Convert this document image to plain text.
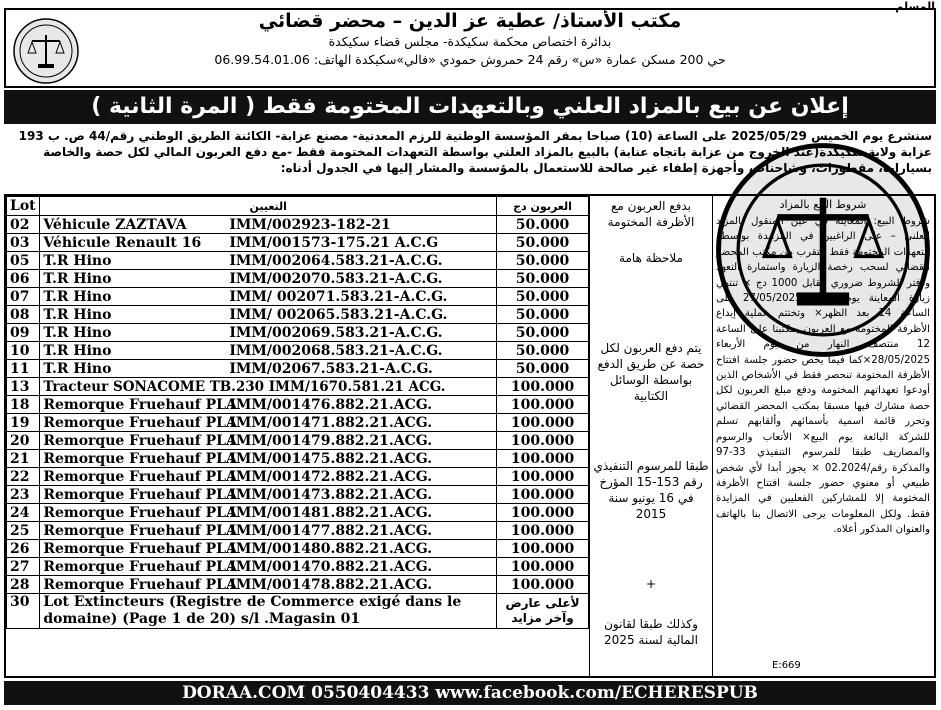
المسلم
مكتب الأستاذ/ عطية عز الدين – محضر قضائي
بدائرة اختصاص محكمة سكيكدة- مجلس قضاء سكيكدة
حي 200 مسكن عمارة «س» رقم 24 حمروش حمودي «فالي»سكيكدة الهاتف: 06.99.54.01.06
إعلان عن بيع بالمزاد العلني وبالتعهدات المختومة فقط ( المرة الثانية )
سنشرع يوم الخميس 2025/05/29 على الساعة (10) صباحا بمقر المؤسسة الوطنية للرزم المعدنية- مصنع عزابة- الكائنة الطريق الوطني رقم/44 ص. ب 193 عزابة ولاية سكيكدة(عند الخروج من عزابة باتجاه عنابة) بالبيع بالمزاد العلني بواسطة التعهدات المختومة فقط -مع دفع العربون المالي لكل حصة والخاصة بسيارات، مقطورات، وشاحنات، وأجهزة إطفاء غير صالحة للاستعمال بالمؤسسة والمشار إليها في الجدول أدناه:
Lot	التعيين	العربون دج
02	Véhicule ZAZTAVA IMM/002923-182-21	50.000
03	Véhicule Renault 16 IMM/001573-175.21 A.C.G	50.000
05	T.R Hino IMM/002064.583.21-A.C.G.	50.000
06	T.R Hino IMM/002070.583.21-A.C.G.	50.000
07	T.R Hino IMM/ 002071.583.21-A.C.G.	50.000
08	T.R Hino IMM/ 002065.583.21-A.C.G.	50.000
09	T.R Hino IMM/002069.583.21-A.C.G.	50.000
10	T.R Hino IMM/002068.583.21-A.C.G.	50.000
11	T.R Hino IMM/02067.583.21-A.C.G.	50.000
13	Tracteur SONACOME TB.230 IMM/1670.581.21 ACG.	100.000
18	Remorque Fruehauf PLAIMM/001476.882.21.ACG.	100.000
19	Remorque Fruehauf PLAIMM/001471.882.21.ACG.	100.000
20	Remorque Fruehauf PLAIMM/001479.882.21.ACG.	100.000
21	Remorque Fruehauf PLAIMM/001475.882.21.ACG.	100.000
22	Remorque Fruehauf PLAIMM/001472.882.21.ACG.	100.000
23	Remorque Fruehauf PLAIMM/001473.882.21.ACG.	100.000
24	Remorque Fruehauf PLAIMM/001481.882.21.ACG.	100.000
25	Remorque Fruehauf PLAIMM/001477.882.21.ACG.	100.000
26	Remorque Fruehauf PLAIMM/001480.882.21.ACG.	100.000
27	Remorque Fruehauf PLAIMM/001470.882.21.ACG.	100.000
28	Remorque Fruehauf PLAIMM/001478.882.21.ACG.	100.000
30	Lot Extincteurs (Registre de Commerce exigé dans le domaine) (Page 1 de 20) s/l .Magasin 01	لأعلى عارض وآخر مزايد
بدفع العربون مع الأظرفة المختومة
ملاحظة هامة
يتم دفع العربون لكل حصة عن طريق الدفع بواسطة الوسائل الكتابية
طبقا للمرسوم التنفيذي رقم 153-15 المؤرخ في 16 يونيو سنة 2015
+
وكذلك طبقا لقانون المالية لسنة 2025
شروط البيع بالمزاد
شروط البيع: المعاينة في عين المنقول بالمزاد العلني – على الراغبين في المزايدة بواسطة التعهدات المختومة فقط التقرب من مكتب المحضر القضائي لسحب رخصة الزيارة واستمارة التعهد ودفتر الشروط ضروري مقابل 1000 دج × تنتهي زيارة المعاينة يوم الثلاثاء 27/05/2025 على الساعة 14 بعد الظهر× وتختتم عملية إيداع الأظرفة المختومة مع العربون بمكتبنا على الساعة 12 منتصف النهار من يوم الأربعاء 28/05/2025×كما فيما يخص حضور جلسة افتتاح الأظرفة المختومة تنحصر فقط في الأشخاص الذين أودعوا تعهداتهم المختومة ودفع مبلغ العربون لكل حصة مشارك فيها مسبقا بمكتب المحضر القضائي وتحرر قائمة اسمية بأسمائهم وألقابهم تسلم للشركة البائعة يوم البيع× الأتعاب والرسوم والمصاريف طبقا للمرسوم التنفيذي 33-97 والمذكرة رقم/02.2024 × يجوز أبدا لأي شخص طبيعي أو معنوي حضور جلسة افتتاح الأظرفة المختومة إلا للمشاركين الفعليين في المزايدة فقط. ولكل المعلومات يرجى الاتصال بنا بالهاتف والعنوان المذكور أعلاه.
E:669
DORAA.COM 0550404433 www.facebook.com/ECHERESPUB
